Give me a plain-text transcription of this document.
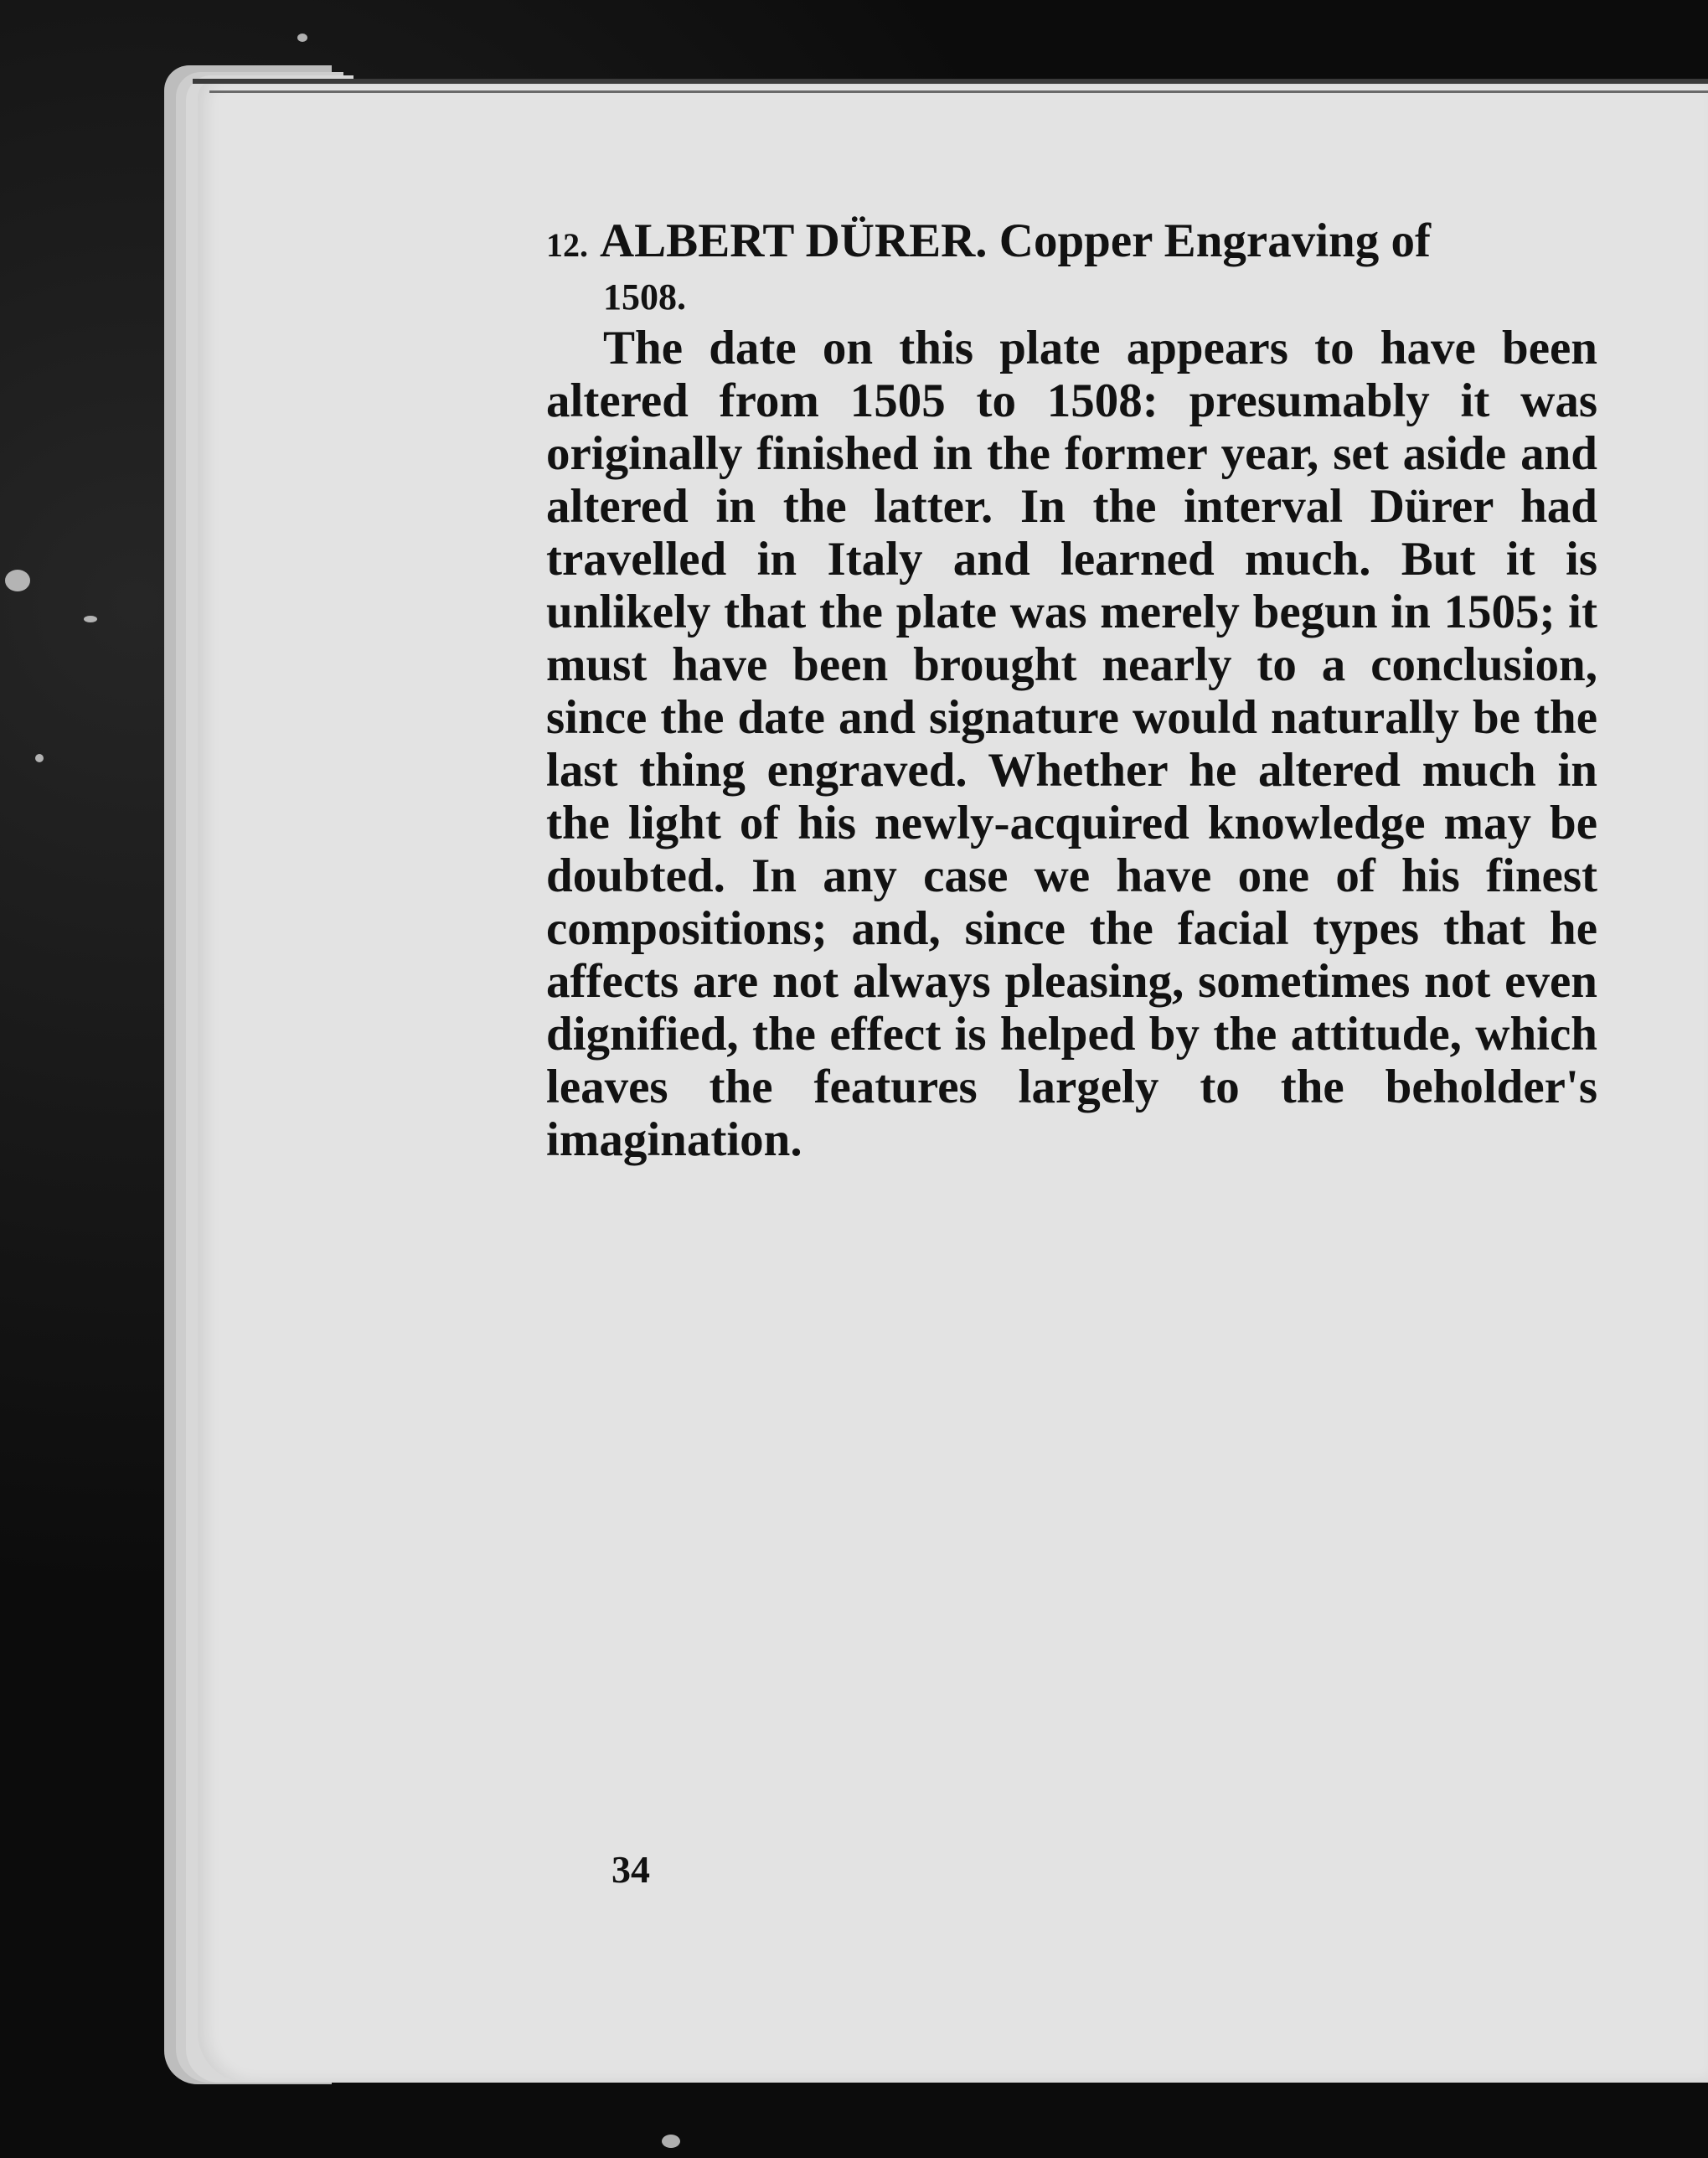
12. ALBERT DÜRER. Copper Engraving of
1508.

The date on this plate appears to have been altered from 1505 to 1508: presumably it was originally finished in the former year, set aside and altered in the latter. In the interval Dürer had travelled in Italy and learned much. But it is unlikely that the plate was merely begun in 1505; it must have been brought nearly to a conclusion, since the date and signature would naturally be the last thing engraved. Whether he altered much in the light of his newly-acquired knowledge may be doubted. In any case we have one of his finest compositions; and, since the facial types that he affects are not always pleasing, sometimes not even dignified, the effect is helped by the attitude, which leaves the features largely to the beholder's imagination.

34
